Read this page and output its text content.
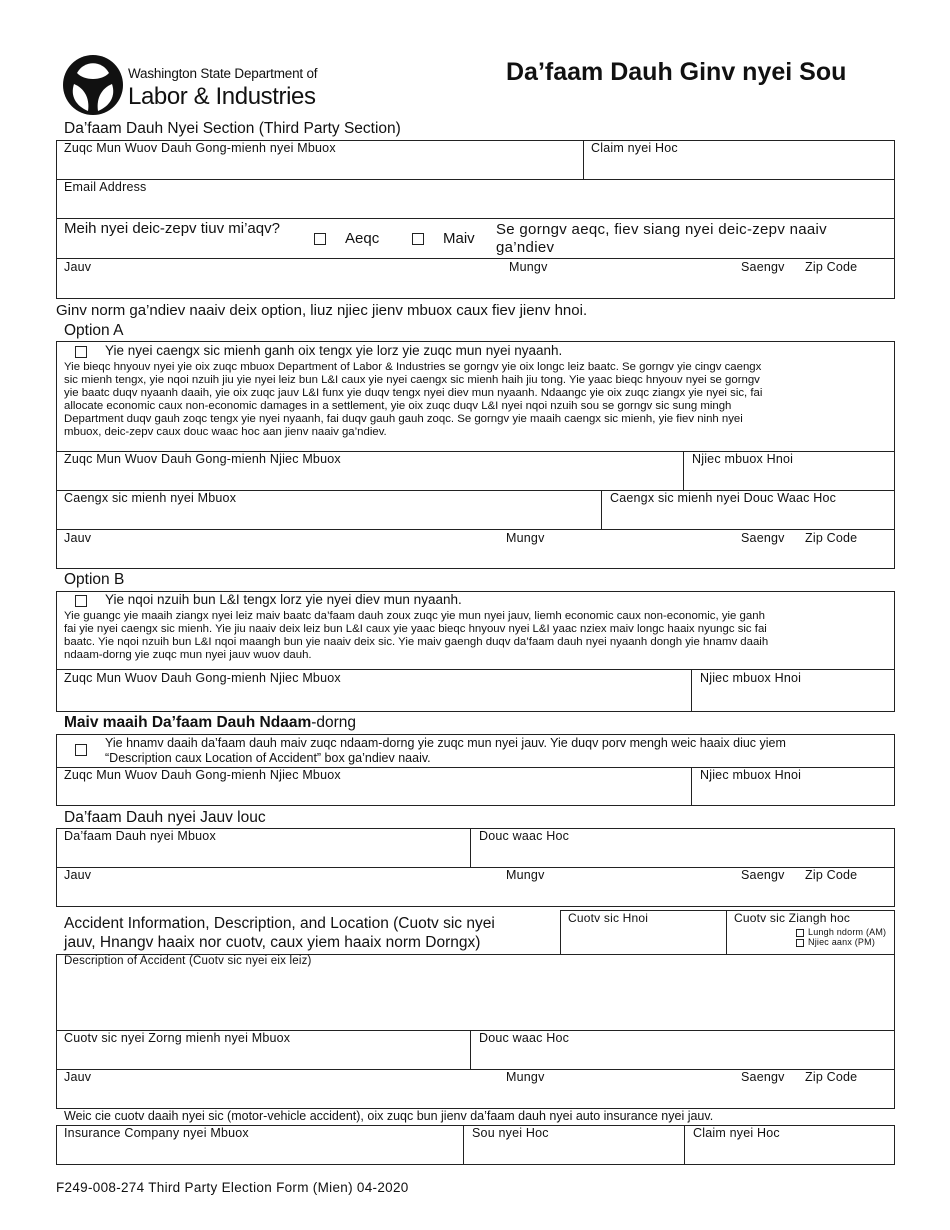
Washington State Department of
Labor & Industries
Da’faam Dauh Ginv nyei Sou
Da’faam Dauh Nyei Section (Third Party Section)
Zuqc Mun Wuov Dauh Gong-mienh nyei Mbuox	Claim nyei Hoc
Email Address
Meih nyei deic-zepv tiuv mi’aqv?
Aeqc	Maiv
Se gorngv aeqc, fiev siang nyei deic-zepv naaiv ga’ndiev
Jauv	Mungv	Saengv Zip Code
Ginv norm ga’ndiev naaiv deix option, liuz njiec jienv mbuox caux fiev jienv hnoi.
Option A
Yie nyei caengx sic mienh ganh oix tengx yie lorz yie zuqc mun nyei nyaanh.
Yie bieqc hnyouv nyei yie oix zuqc mbuox Department of Labor & Industries se gorngv yie oix longc leiz baatc. Se gorngv yie cingv caengx
sic mienh tengx, yie nqoi nzuih jiu yie nyei leiz bun L&I caux yie nyei caengx sic mienh haih jiu tong. Yie yaac bieqc hnyouv nyei se gorngv
yie baatc duqv nyaanh daaih, yie oix zuqc jauv L&I funx yie duqv tengx nyei diev mun nyaanh. Ndaangc yie oix zuqc ziangx yie nyei sic, fai
allocate economic caux non-economic damages in a settlement, yie oix zuqc duqv L&I nyei nqoi nzuih sou se gorngv sic sung mingh
Department duqv gauh zoqc tengx yie nyei nyaanh, fai duqv gauh gauh zoqc. Se gorngv yie maaih caengx sic mienh, yie fiev ninh nyei
mbuox, deic-zepv caux douc waac hoc aan jienv naaiv ga’ndiev.
Zuqc Mun Wuov Dauh Gong-mienh Njiec Mbuox	Njiec mbuox Hnoi
Caengx sic mienh nyei Mbuox	Caengx sic mienh nyei Douc Waac Hoc
Jauv	Mungv	Saengv Zip Code
Option B
Yie nqoi nzuih bun L&I tengx lorz yie nyei diev mun nyaanh.
Yie guangc yie maaih ziangx nyei leiz maiv baatc da’faam dauh zoux zuqc yie mun nyei jauv, liemh economic caux non-economic, yie ganh
fai yie nyei caengx sic mienh. Yie jiu naaiv deix leiz bun L&I caux yie yaac bieqc hnyouv nyei L&I yaac nziex maiv longc haaix nyungc sic fai
baatc. Yie nqoi nzuih bun L&I nqoi maangh bun yie naaiv deix sic. Yie maiv gaengh duqv da’faam dauh nyei nyaanh dongh yie hnamv daaih
ndaam-dorng yie zuqc mun nyei jauv wuov dauh.
Zuqc Mun Wuov Dauh Gong-mienh Njiec Mbuox	Njiec mbuox Hnoi
Maiv maaih Da’faam Dauh Ndaam-dorng
Yie hnamv daaih da’faam dauh maiv zuqc ndaam-dorng yie zuqc mun nyei jauv. Yie duqv porv mengh weic haaix diuc yiem
“Description caux Location of Accident” box ga’ndiev naaiv.
Zuqc Mun Wuov Dauh Gong-mienh Njiec Mbuox	Njiec mbuox Hnoi
Da’faam Dauh nyei Jauv louc
Da’faam Dauh nyei Mbuox	Douc waac Hoc
Jauv	Mungv	Saengv Zip Code
Accident Information, Description, and Location (Cuotv sic nyei
jauv, Hnangv haaix nor cuotv, caux yiem haaix norm Dorngx)
Cuotv sic Hnoi	Cuotv sic Ziangh hoc
Lungh ndorm (AM)
Njiec aanx (PM)
Description of Accident (Cuotv sic nyei eix leiz)
Cuotv sic nyei Zorng mienh nyei Mbuox	Douc waac Hoc
Jauv	Mungv	Saengv Zip Code
Weic cie cuotv daaih nyei sic (motor-vehicle accident), oix zuqc bun jienv da’faam dauh nyei auto insurance nyei jauv.
Insurance Company nyei Mbuox	Sou nyei Hoc	Claim nyei Hoc
F249-008-274 Third Party Election Form (Mien) 04-2020
